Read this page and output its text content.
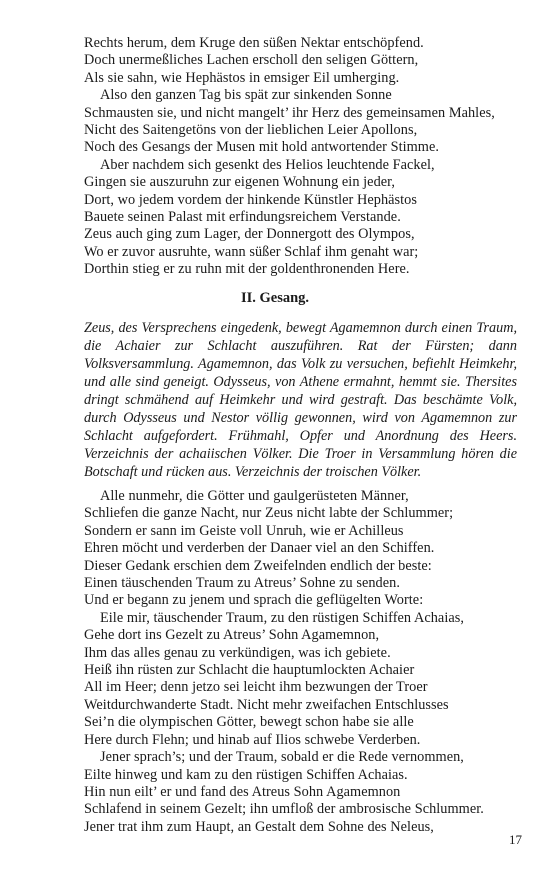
Rechts herum, dem Kruge den süßen Nektar entschöpfend.
Doch unermeßliches Lachen erscholl den seligen Göttern,
Als sie sahn, wie Hephästos in emsiger Eil umherging.
Also den ganzen Tag bis spät zur sinkenden Sonne
Schmausten sie, und nicht mangelt’ ihr Herz des gemeinsamen Mahles,
Nicht des Saitengetöns von der lieblichen Leier Apollons,
Noch des Gesangs der Musen mit hold antwortender Stimme.
Aber nachdem sich gesenkt des Helios leuchtende Fackel,
Gingen sie auszuruhn zur eigenen Wohnung ein jeder,
Dort, wo jedem vordem der hinkende Künstler Hephästos
Bauete seinen Palast mit erfindungsreichem Verstande.
Zeus auch ging zum Lager, der Donnergott des Olympos,
Wo er zuvor ausruhte, wann süßer Schlaf ihm genaht war;
Dorthin stieg er zu ruhn mit der goldenthronenden Here.
II. Gesang.
Zeus, des Versprechens eingedenk, bewegt Agamemnon durch einen Traum, die Achaier zur Schlacht auszuführen. Rat der Fürsten; dann Volksversammlung. Agamemnon, das Volk zu versuchen, befiehlt Heimkehr, und alle sind geneigt. Odysseus, von Athene ermahnt, hemmt sie. Thersites dringt schmähend auf Heimkehr und wird gestraft. Das beschämte Volk, durch Odysseus und Nestor völlig gewonnen, wird von Agamemnon zur Schlacht aufgefordert. Frühmahl, Opfer und Anordnung des Heers. Verzeichnis der achaiischen Völker. Die Troer in Versammlung hören die Botschaft und rücken aus. Verzeichnis der troischen Völker.
Alle nunmehr, die Götter und gaulgerüsteten Männer,
Schliefen die ganze Nacht, nur Zeus nicht labte der Schlummer;
Sondern er sann im Geiste voll Unruh, wie er Achilleus
Ehren möcht und verderben der Danaer viel an den Schiffen.
Dieser Gedank erschien dem Zweifelnden endlich der beste:
Einen täuschenden Traum zu Atreus’ Sohne zu senden.
Und er begann zu jenem und sprach die geflügelten Worte:
Eile mir, täuschender Traum, zu den rüstigen Schiffen Achaias,
Gehe dort ins Gezelt zu Atreus’ Sohn Agamemnon,
Ihm das alles genau zu verkündigen, was ich gebiete.
Heiß ihn rüsten zur Schlacht die hauptumlockten Achaier
All im Heer; denn jetzo sei leicht ihm bezwungen der Troer
Weitdurchwanderte Stadt. Nicht mehr zweifachen Entschlusses
Sei’n die olympischen Götter, bewegt schon habe sie alle
Here durch Flehn; und hinab auf Ilios schwebe Verderben.
Jener sprach’s; und der Traum, sobald er die Rede vernommen,
Eilte hinweg und kam zu den rüstigen Schiffen Achaias.
Hin nun eilt’ er und fand des Atreus Sohn Agamemnon
Schlafend in seinem Gezelt; ihn umfloß der ambrosische Schlummer.
Jener trat ihm zum Haupt, an Gestalt dem Sohne des Neleus,
17
